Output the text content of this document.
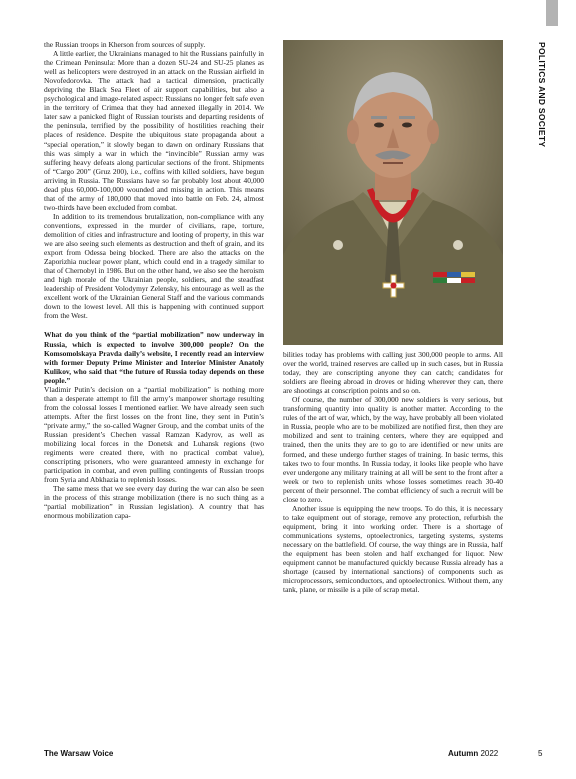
POLITICS AND SOCIETY

the Russian troops in Kherson from sources of supply.

A little earlier, the Ukrainians managed to hit the Russians painfully in the Crimean Peninsula: More than a dozen SU-24 and SU-25 planes as well as helicopters were destroyed in an attack on the Russian airfield in Novofedorovka. The attack had a tactical dimension, practically depriving the Black Sea Fleet of air support capabilities, but also a psychological and image-related aspect: Russians no longer felt safe even in the territory of Crimea that they had annexed illegally in 2014. We later saw a panicked flight of Russian tourists and departing residents of the peninsula, terrified by the possibility of hostilities reaching their places of residence. Despite the ubiquitous state propaganda about a “special operation,” it slowly began to dawn on ordinary Russians that this was simply a war in which the “invincible” Russian army was suffering heavy defeats along particular sections of the front. Shipments of “Cargo 200” (Gruz 200), i.e., coffins with killed soldiers, have begun arriving in Russia. The Russians have so far probably lost about 40,000 dead plus 60,000-100,000 wounded and missing in action. This means that of the army of 180,000 that moved into battle on Feb. 24, almost two-thirds have been excluded from combat.

In addition to its tremendous brutalization, non-compliance with any conventions, expressed in the murder of civilians, rape, torture, demolition of cities and infrastructure and looting of property, in this war we are also seeing such elements as destruction and theft of grain, and its export from Odessa being blocked. There are also the attacks on the Zaporizhia nuclear power plant, which could end in a tragedy similar to that of Chernobyl in 1986. But on the other hand, we also see the heroism and high morale of the Ukrainian people, soldiers, and the steadfast leadership of President Volodymyr Zelensky, his entourage as well as the excellent work of the Ukrainian General Staff and the various commands down to the lowest level. All this is happening with continued support from the West.

What do you think of the “partial mobilization” now underway in Russia, which is expected to involve 300,000 people? On the Komsomolskaya Pravda daily’s website, I recently read an interview with former Deputy Prime Minister and Interior Minister Anatoly Kulikov, who said that “the future of Russia today depends on these people.”

Vladimir Putin’s decision on a “partial mobilization” is nothing more than a desperate attempt to fill the army’s manpower shortage resulting from the colossal losses I mentioned earlier. We have already seen such attempts. After the first losses on the front line, they sent in Putin’s “private army,” the so-called Wagner Group, and the combat units of the Russian president’s Chechen vassal Ramzan Kadyrov, as well as mobilizing local forces in the Donetsk and Luhansk regions (two regiments were created there, with no practical combat value), conscripting prisoners, who were guaranteed amnesty in exchange for participation in combat, and even pulling contingents of Russian troops from Syria and Abkhazia to replenish losses.

The same mess that we see every day during the war can also be seen in the process of this strange mobilization (there is no such thing as a “partial mobilization” in Russian legislation). A country that has enormous mobilization capa-

bilities today has problems with calling just 300,000 people to arms. All over the world, trained reserves are called up in such cases, but in Russia today, they are conscripting anyone they can catch; candidates for soldiers are fleeing abroad in droves or hiding wherever they can, there are shootings at conscription points and so on.

Of course, the number of 300,000 new soldiers is very serious, but transforming quantity into quality is another matter. According to the rules of the art of war, which, by the way, have probably all been violated in Russia, people who are to be mobilized are notified first, then they are mobilized and sent to training centers, where they are equipped and trained, then the units they are to go to are identified or new units are formed, and these undergo further stages of training. In basic terms, this takes two to four months. In Russia today, it looks like people who have ever undergone any military training at all will be sent to the front after a week or two to replenish units whose losses sometimes reach 30-40 percent of their personnel. The combat efficiency of such a recruit will be close to zero.

Another issue is equipping the new troops. To do this, it is necessary to take equipment out of storage, remove any protection, refurbish the equipment, bring it into working order. There is a shortage of communications systems, optoelectronics, targeting systems, systems necessary on the battlefield. Of course, the way things are in Russia, half the equipment has been stolen and half exchanged for liquor. New equipment cannot be manufactured quickly because Russia already has a shortage (caused by international sanctions) of components such as microprocessors, semiconductors, and optoelectronics. Without them, any tank, plane, or missile is a pile of scrap metal.

The Warsaw Voice	Autumn 2022	5
